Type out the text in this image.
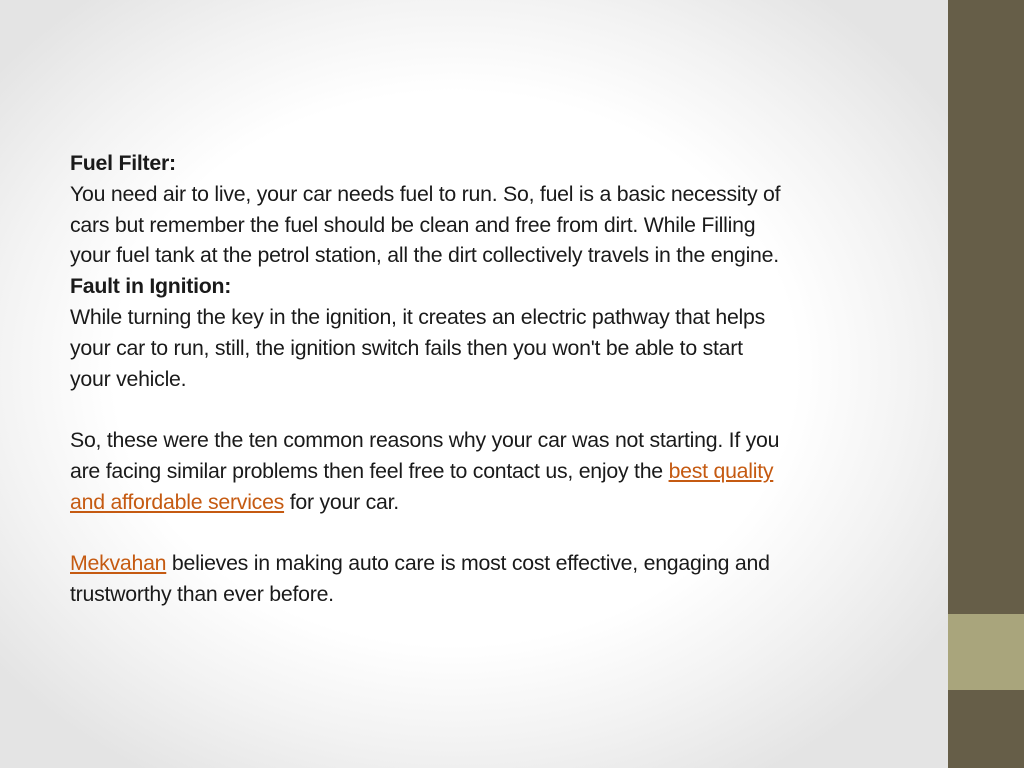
Fuel Filter:
You need air to live, your car needs fuel to run. So, fuel is a basic necessity of
cars but remember the fuel should be clean and free from dirt. While Filling
your fuel tank at the petrol station, all the dirt collectively travels in the engine.
Fault in Ignition:
While turning the key in the ignition, it creates an electric pathway that helps
your car to run, still, the ignition switch fails then you won't be able to start
your vehicle.
So, these were the ten common reasons why your car was not starting. If you
are facing similar problems then feel free to contact us, enjoy the best quality
and affordable services for your car.
Mekvahan believes in making auto care is most cost effective, engaging and
trustworthy than ever before.
